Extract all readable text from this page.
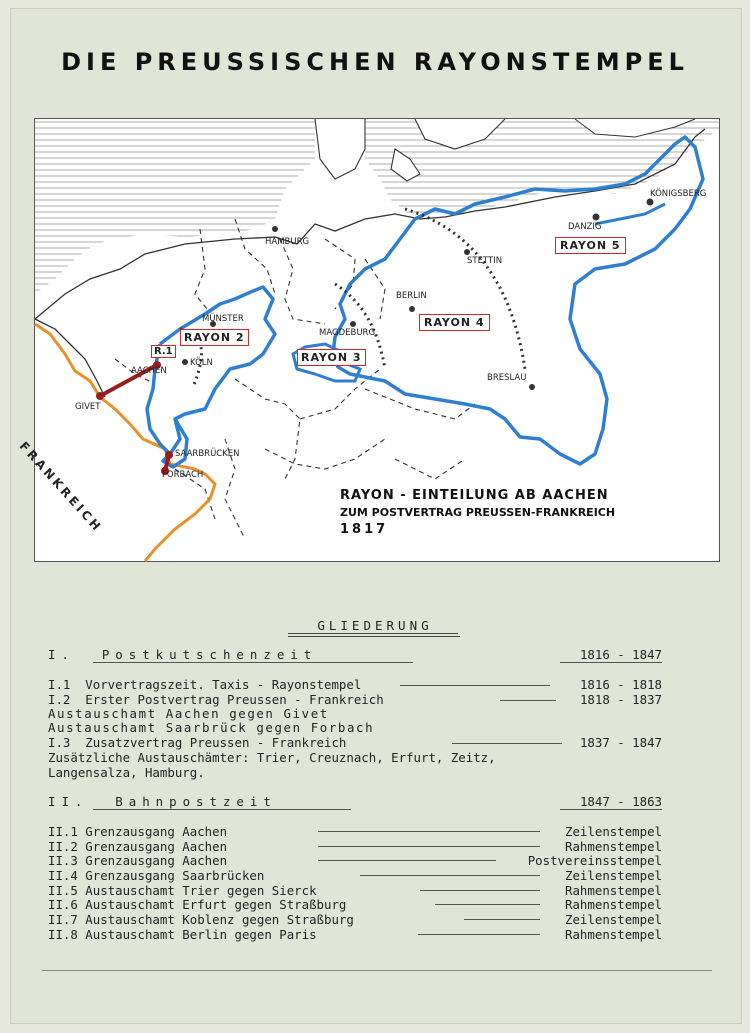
DIE PREUSSISCHEN RAYONSTEMPEL
HAMBURG
STETTIN
DANZIG
KÖNIGSBERG
BERLIN
MAGDEBURG
BRESLAU
MÜNSTER
KÖLN
AACHEN
GIVET
SAARBRÜCKEN
FORBACH
FRANKREICH
R.1
RAYON 2
RAYON 3
RAYON 4
RAYON 5
RAYON - EINTEILUNG AB AACHEN
ZUM POSTVERTRAG PREUSSEN-FRANKREICH
1817
GLIEDERUNG
I.  Postkutschenzeit	1816 - 1847
I.1  Vorvertragszeit. Taxis - Rayonstempel	1816 - 1818
I.2  Erster Postvertrag Preussen - Frankreich	1818 - 1837
Austauschamt Aachen gegen Givet
Austauschamt Saarbrück gegen Forbach
I.3  Zusatzvertrag Preussen - Frankreich	1837 - 1847
Zusätzliche Austauschämter: Trier, Creuznach, Erfurt, Zeitz,
Langensalza, Hamburg.
II.  Bahnpostzeit	1847 - 1863
II.1 Grenzausgang Aachen	Zeilenstempel
II.2 Grenzausgang Aachen	Rahmenstempel
II.3 Grenzausgang Aachen	Postvereinsstempel
II.4 Grenzausgang Saarbrücken	Zeilenstempel
II.5 Austauschamt Trier gegen Sierck	Rahmenstempel
II.6 Austauschamt Erfurt gegen Straßburg	Rahmenstempel
II.7 Austauschamt Koblenz gegen Straßburg	Zeilenstempel
II.8 Austauschamt Berlin gegen Paris	Rahmenstempel
